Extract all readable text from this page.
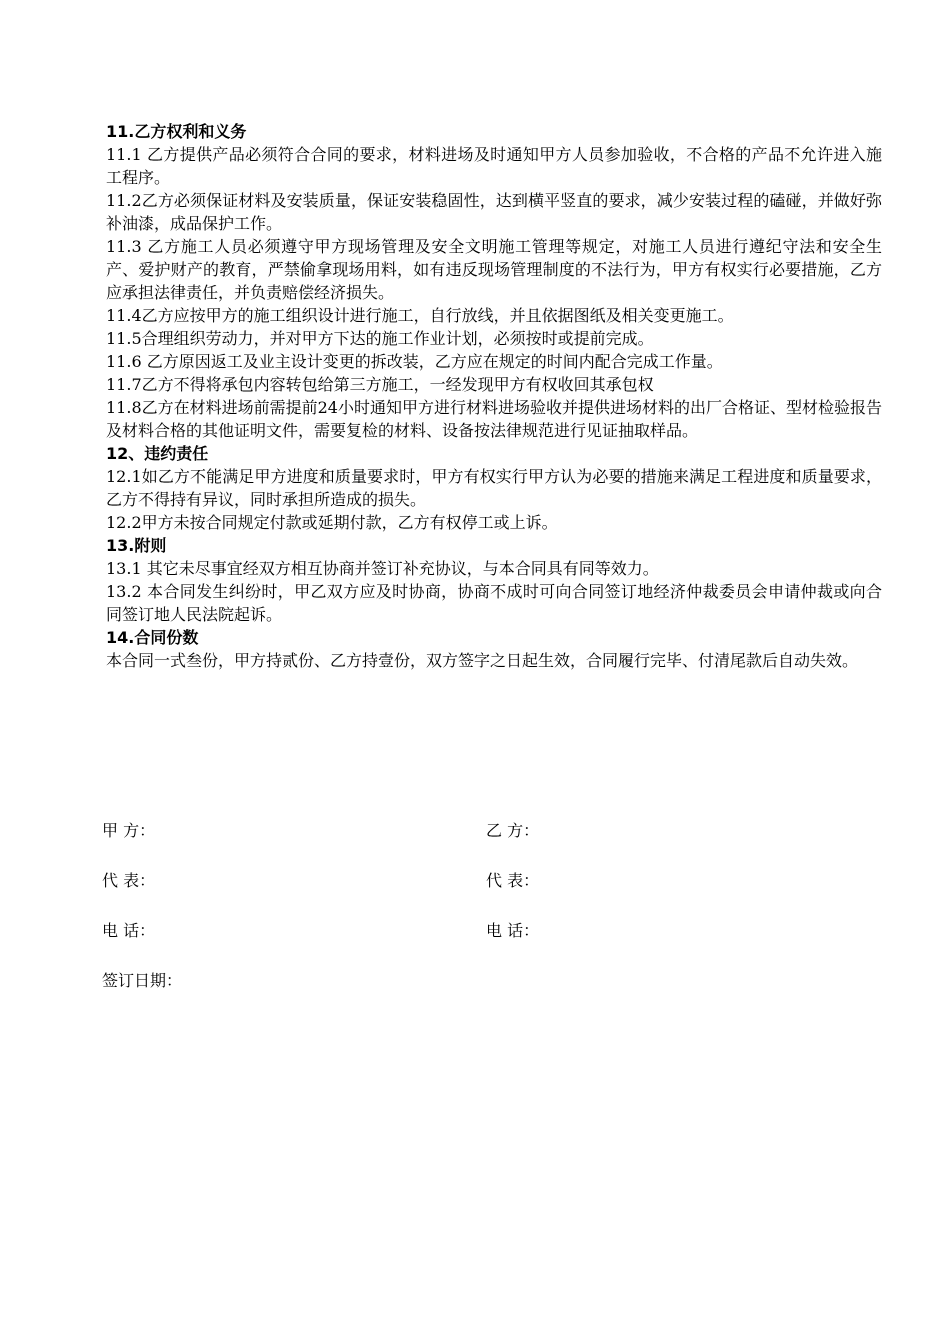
11.乙方权利和义务

11.1 乙方提供产品必须符合合同的要求，材料进场及时通知甲方人员参加验收，不合格的产品不允许进入施工程序。

11.2乙方必须保证材料及安装质量，保证安装稳固性，达到横平竖直的要求，减少安装过程的磕碰，并做好弥补油漆，成品保护工作。

11.3 乙方施工人员必须遵守甲方现场管理及安全文明施工管理等规定，对施工人员进行遵纪守法和安全生产、爱护财产的教育，严禁偷拿现场用料，如有违反现场管理制度的不法行为，甲方有权实行必要措施，乙方应承担法律责任，并负责赔偿经济损失。

11.4乙方应按甲方的施工组织设计进行施工，自行放线，并且依据图纸及相关变更施工。

11.5合理组织劳动力，并对甲方下达的施工作业计划，必须按时或提前完成。

11.6 乙方原因返工及业主设计变更的拆改装，乙方应在规定的时间内配合完成工作量。

11.7乙方不得将承包内容转包给第三方施工，一经发现甲方有权收回其承包权

11.8乙方在材料进场前需提前24小时通知甲方进行材料进场验收并提供进场材料的出厂合格证、型材检验报告及材料合格的其他证明文件，需要复检的材料、设备按法律规范进行见证抽取样品。

12、违约责任

12.1如乙方不能满足甲方进度和质量要求时，甲方有权实行甲方认为必要的措施来满足工程进度和质量要求，乙方不得持有异议，同时承担所造成的损失。

12.2甲方未按合同规定付款或延期付款，乙方有权停工或上诉。

13.附则

13.1 其它未尽事宜经双方相互协商并签订补充协议，与本合同具有同等效力。

13.2 本合同发生纠纷时，甲乙双方应及时协商，协商不成时可向合同签订地经济仲裁委员会申请仲裁或向合同签订地人民法院起诉。

14.合同份数

本合同一式叁份，甲方持贰份、乙方持壹份，双方签字之日起生效，合同履行完毕、付清尾款后自动失效。

甲 方：	乙 方：
代 表：	代 表：
电 话：	电 话：
签订日期：
